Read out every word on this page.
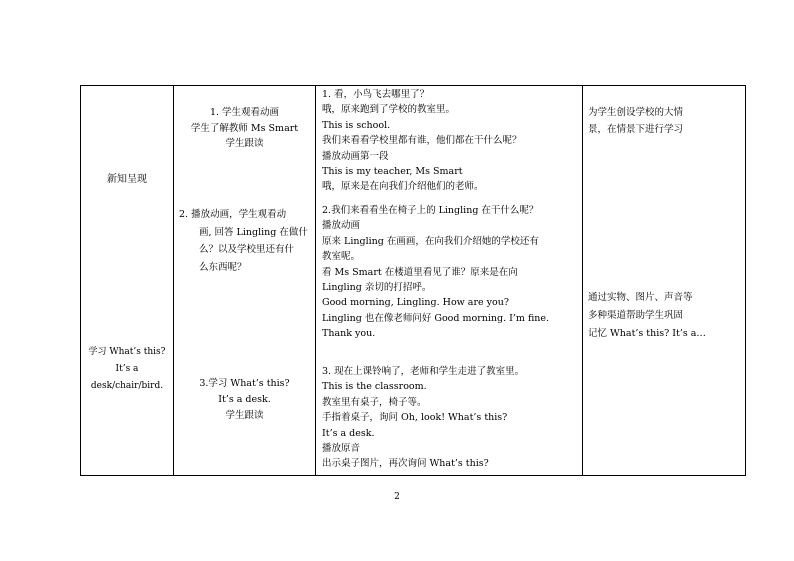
新知呈现
学习 What’s this?
It’s a
desk/chair/bird.

1. 学生观看动画
学生了解教师 Ms Smart
学生跟读
2. 播放动画，学生观看动
画, 回答 Lingling 在做什
么？以及学校里还有什
么东西呢？
3.学习 What’s this?
It’s a desk.
学生跟读

1. 看，小鸟飞去哪里了？
哦，原来跑到了学校的教室里。
This is school.
我们来看看学校里都有谁，他们都在干什么呢？
播放动画第一段
This is my teacher, Ms Smart
哦，原来是在向我们介绍他们的老师。
2.我们来看看坐在椅子上的 Lingling 在干什么呢？
播放动画
原来 Lingling 在画画，在向我们介绍她的学校还有
教室呢。
看 Ms Smart 在楼道里看见了谁？原来是在向
Lingling 亲切的打招呼。
Good morning, Lingling. How are you?
Lingling 也在像老师问好 Good morning. I’m fine.
Thank you.
3. 现在上课铃响了，老师和学生走进了教室里。
This is the classroom.
教室里有桌子，椅子等。
手指着桌子，询问 Oh, look! What’s this?
It’s a desk.
播放原音
出示桌子图片，再次询问 What’s this?

为学生创设学校的大情
景，在情景下进行学习
通过实物、图片、声音等
多种渠道帮助学生巩固
记忆 What’s this? It’s a…
2
